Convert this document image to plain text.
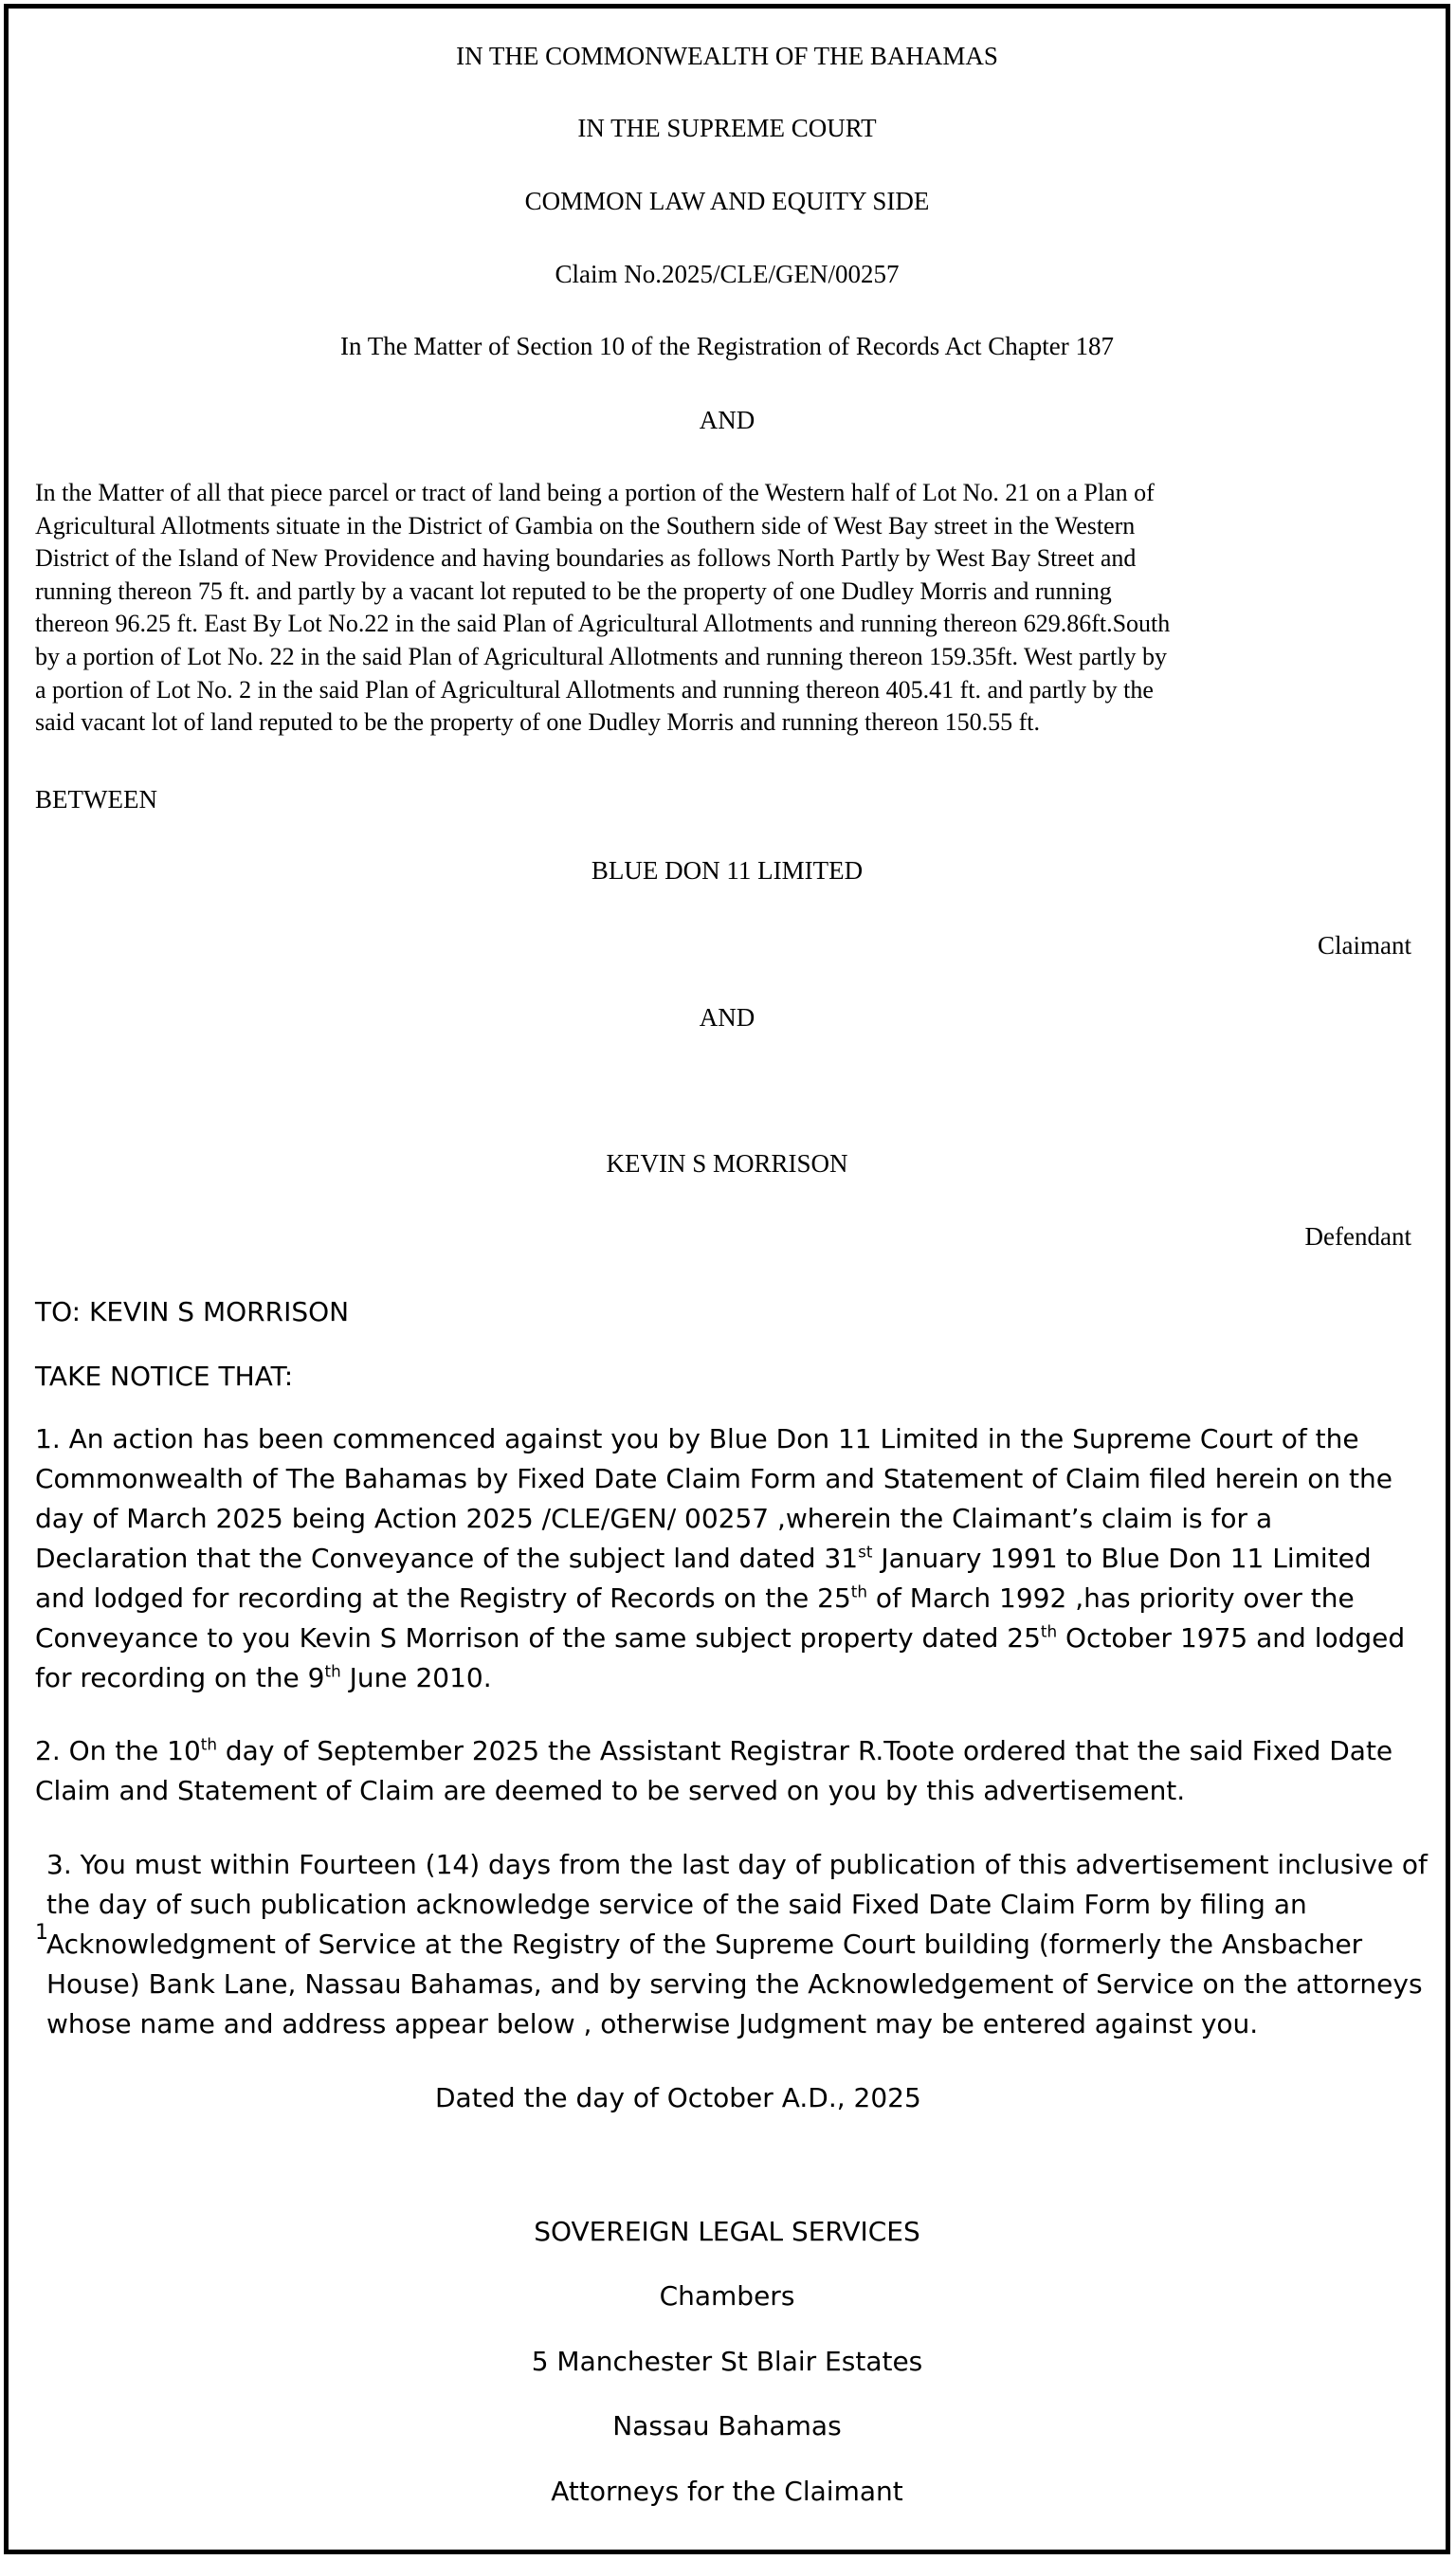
IN THE COMMONWEALTH OF THE BAHAMAS

IN THE SUPREME COURT

COMMON LAW AND EQUITY SIDE

Claim No.2025/CLE/GEN/00257

In The Matter of Section 10 of the Registration of Records Act Chapter 187

AND

In the Matter of all that piece parcel or tract of land being a portion of the Western half of Lot No. 21 on a Plan of
Agricultural Allotments situate in the District of Gambia on the Southern side of West Bay street in the Western
District of the Island of New Providence and having boundaries as follows North Partly by West Bay Street and
running thereon 75 ft. and partly by a vacant lot reputed to be the property of one Dudley Morris and running
thereon 96.25 ft. East By Lot No.22 in the said Plan of Agricultural Allotments and running thereon 629.86ft.South
by a portion of Lot No. 22 in the said Plan of Agricultural Allotments and running thereon 159.35ft. West partly by
a portion of Lot No. 2 in the said Plan of Agricultural Allotments and running thereon 405.41 ft. and partly by the
said vacant lot of land reputed to be the property of one Dudley Morris and running thereon 150.55 ft.

BETWEEN

BLUE DON 11 LIMITED

Claimant

AND

KEVIN S MORRISON

Defendant

TO: KEVIN S MORRISON

TAKE NOTICE THAT:

1. An action has been commenced against you by Blue Don 11 Limited in the Supreme Court of the
Commonwealth of The Bahamas by Fixed Date Claim Form and Statement of Claim filed herein on the
day of March 2025 being Action 2025 /CLE/GEN/ 00257 ,wherein the Claimant’s claim is for a
Declaration that the Conveyance of the subject land dated 31st January 1991 to Blue Don 11 Limited
and lodged for recording at the Registry of Records on the 25th of March 1992 ,has priority over the
Conveyance to you Kevin S Morrison of the same subject property dated 25th October 1975 and lodged
for recording on the 9th June 2010.
2. On the 10th day of September 2025 the Assistant Registrar R.Toote ordered that the said Fixed Date
Claim and Statement of Claim are deemed to be served on you by this advertisement.
3. You must within Fourteen (14) days from the last day of publication of this advertisement inclusive of
the day of such publication acknowledge service of the said Fixed Date Claim Form by filing an
Acknowledgment of Service at the Registry of the Supreme Court building (formerly the Ansbacher
House) Bank Lane, Nassau Bahamas, and by serving the Acknowledgement of Service on the attorneys
whose name and address appear below , otherwise Judgment may be entered against you.
1

Dated the day of October A.D., 2025

SOVEREIGN LEGAL SERVICES

Chambers

5 Manchester St Blair Estates

Nassau Bahamas

Attorneys for the Claimant
